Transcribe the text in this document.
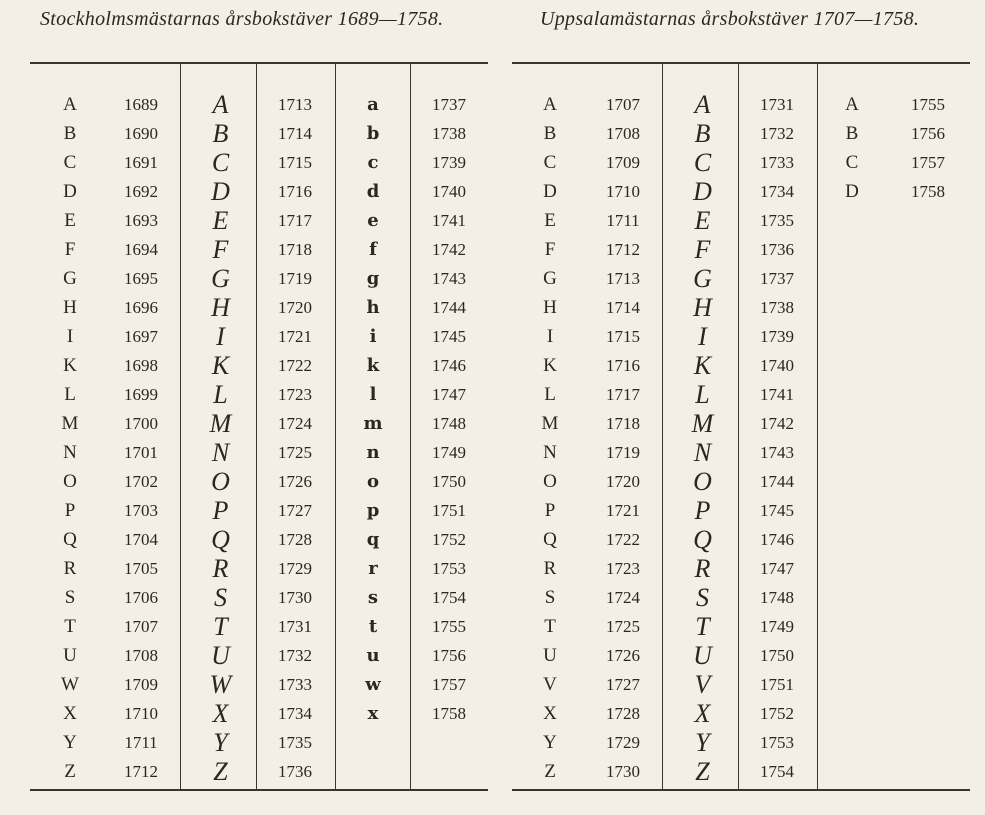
Stockholmsmästarnas årsbokstäver 1689—1758.	Uppsalamästarnas årsbokstäver 1707—1758.
A	1689	A	1713	a	1737
B	1690	B	1714	b	1738
C	1691	C	1715	c	1739
D	1692	D	1716	d	1740
E	1693	E	1717	e	1741
F	1694	F	1718	f	1742
G	1695	G	1719	g	1743
H	1696	H	1720	h	1744
I	1697	I	1721	i	1745
K	1698	K	1722	k	1746
L	1699	L	1723	l	1747
M	1700	M	1724	m	1748
N	1701	N	1725	n	1749
O	1702	O	1726	o	1750
P	1703	P	1727	p	1751
Q	1704	Q	1728	q	1752
R	1705	R	1729	r	1753
S	1706	S	1730	s	1754
T	1707	T	1731	t	1755
U	1708	U	1732	u	1756
W	1709	W	1733	w	1757
X	1710	X	1734	x	1758
Y	1711	Y	1735
Z	1712	Z	1736
A	1707	A	1731	A	1755
B	1708	B	1732	B	1756
C	1709	C	1733	C	1757
D	1710	D	1734	D	1758
E	1711	E	1735
F	1712	F	1736
G	1713	G	1737
H	1714	H	1738
I	1715	I	1739
K	1716	K	1740
L	1717	L	1741
M	1718	M	1742
N	1719	N	1743
O	1720	O	1744
P	1721	P	1745
Q	1722	Q	1746
R	1723	R	1747
S	1724	S	1748
T	1725	T	1749
U	1726	U	1750
V	1727	V	1751
X	1728	X	1752
Y	1729	Y	1753
Z	1730	Z	1754
